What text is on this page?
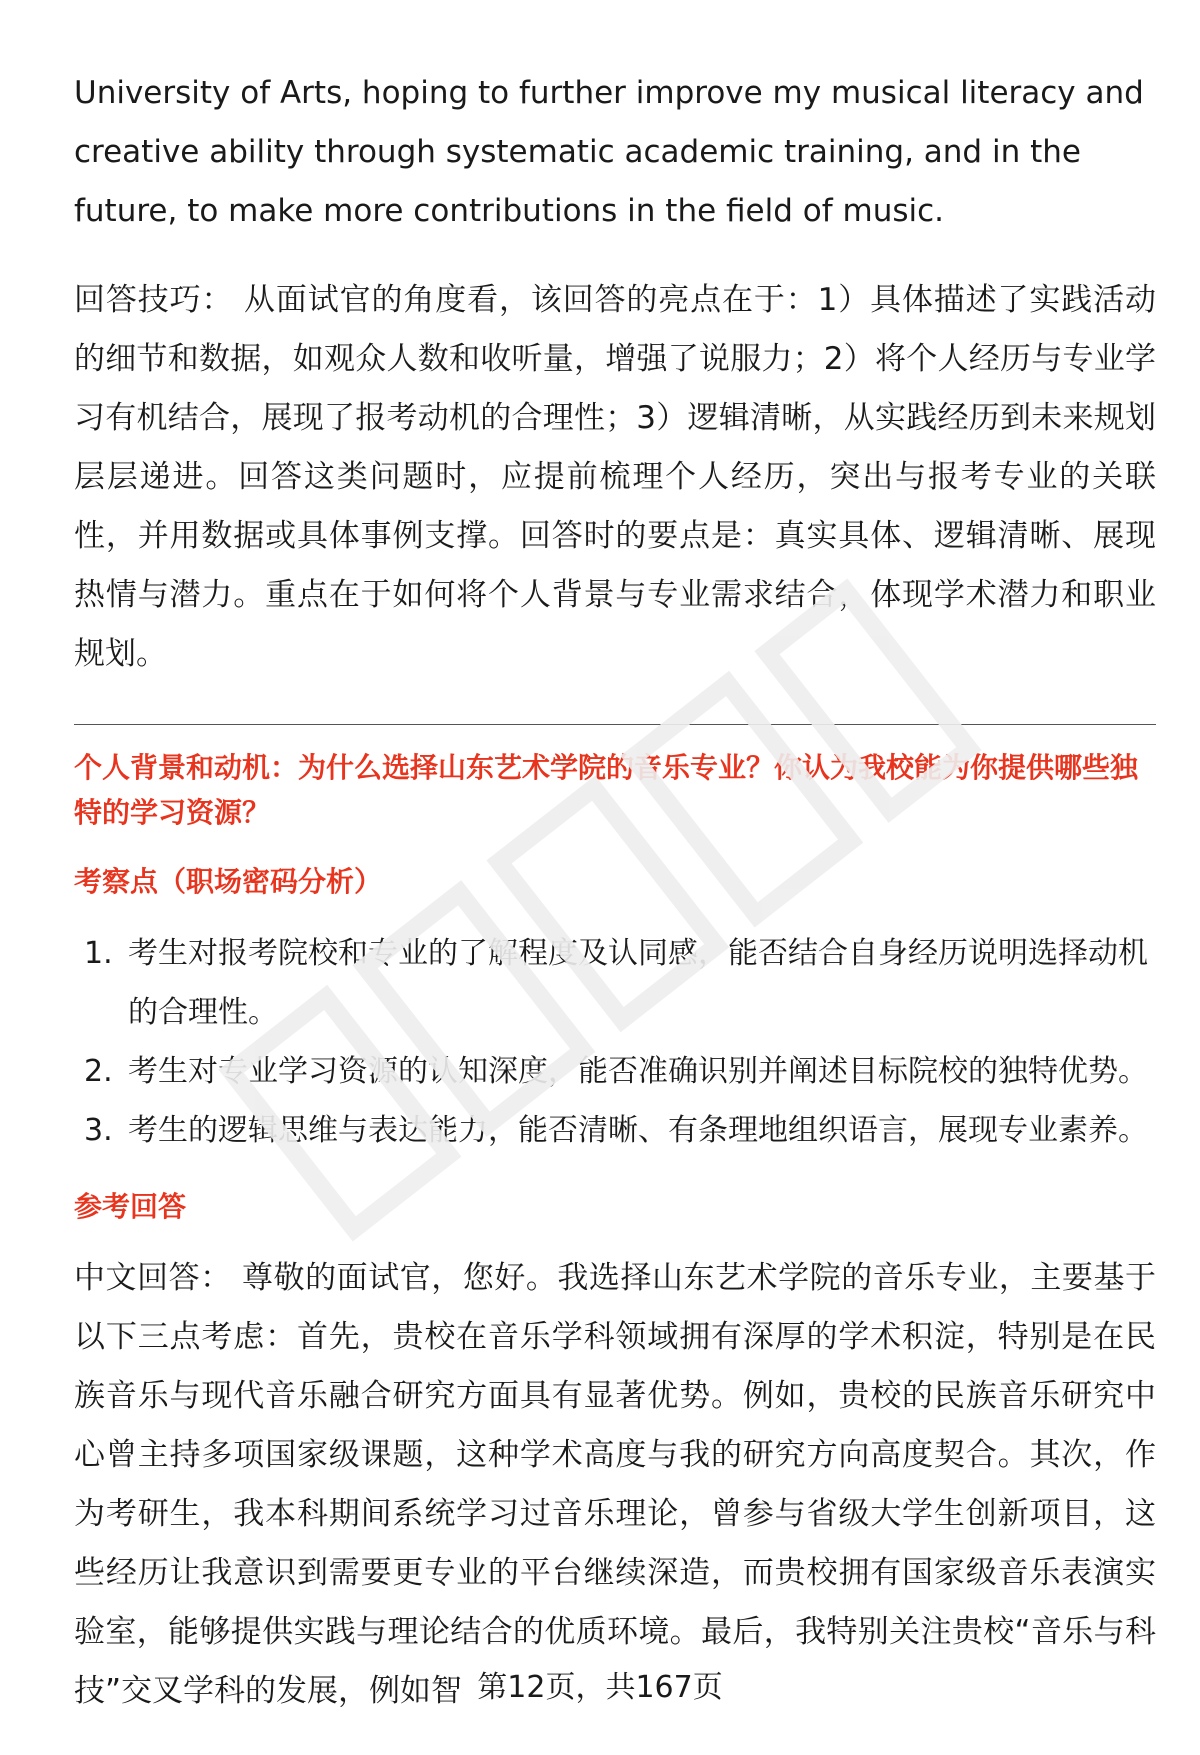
University of Arts, hoping to further improve my musical literacy and creative ability through systematic academic training, and in the future, to make more contributions in the field of music.

回答技巧： 从面试官的角度看，该回答的亮点在于：1）具体描述了实践活动的细节和数据，如观众人数和收听量，增强了说服力；2）将个人经历与专业学习有机结合，展现了报考动机的合理性；3）逻辑清晰，从实践经历到未来规划层层递进。回答这类问题时，应提前梳理个人经历，突出与报考专业的关联性，并用数据或具体事例支撑。回答时的要点是：真实具体、逻辑清晰、展现热情与潜力。重点在于如何将个人背景与专业需求结合，体现学术潜力和职业规划。

个人背景和动机：为什么选择山东艺术学院的音乐专业？你认为我校能为你提供哪些独特的学习资源？

考察点（职场密码分析）

1. 考生对报考院校和专业的了解程度及认同感，能否结合自身经历说明选择动机的合理性。
2. 考生对专业学习资源的认知深度，能否准确识别并阐述目标院校的独特优势。
3. 考生的逻辑思维与表达能力，能否清晰、有条理地组织语言，展现专业素养。

参考回答

中文回答： 尊敬的面试官，您好。我选择山东艺术学院的音乐专业，主要基于以下三点考虑：首先，贵校在音乐学科领域拥有深厚的学术积淀，特别是在民族音乐与现代音乐融合研究方面具有显著优势。例如，贵校的民族音乐研究中心曾主持多项国家级课题，这种学术高度与我的研究方向高度契合。其次，作为考研生，我本科期间系统学习过音乐理论，曾参与省级大学生创新项目，这些经历让我意识到需要更专业的平台继续深造，而贵校拥有国家级音乐表演实验室，能够提供实践与理论结合的优质环境。最后，我特别关注贵校“音乐与科技”交叉学科的发展，例如智 第12页，共167页
